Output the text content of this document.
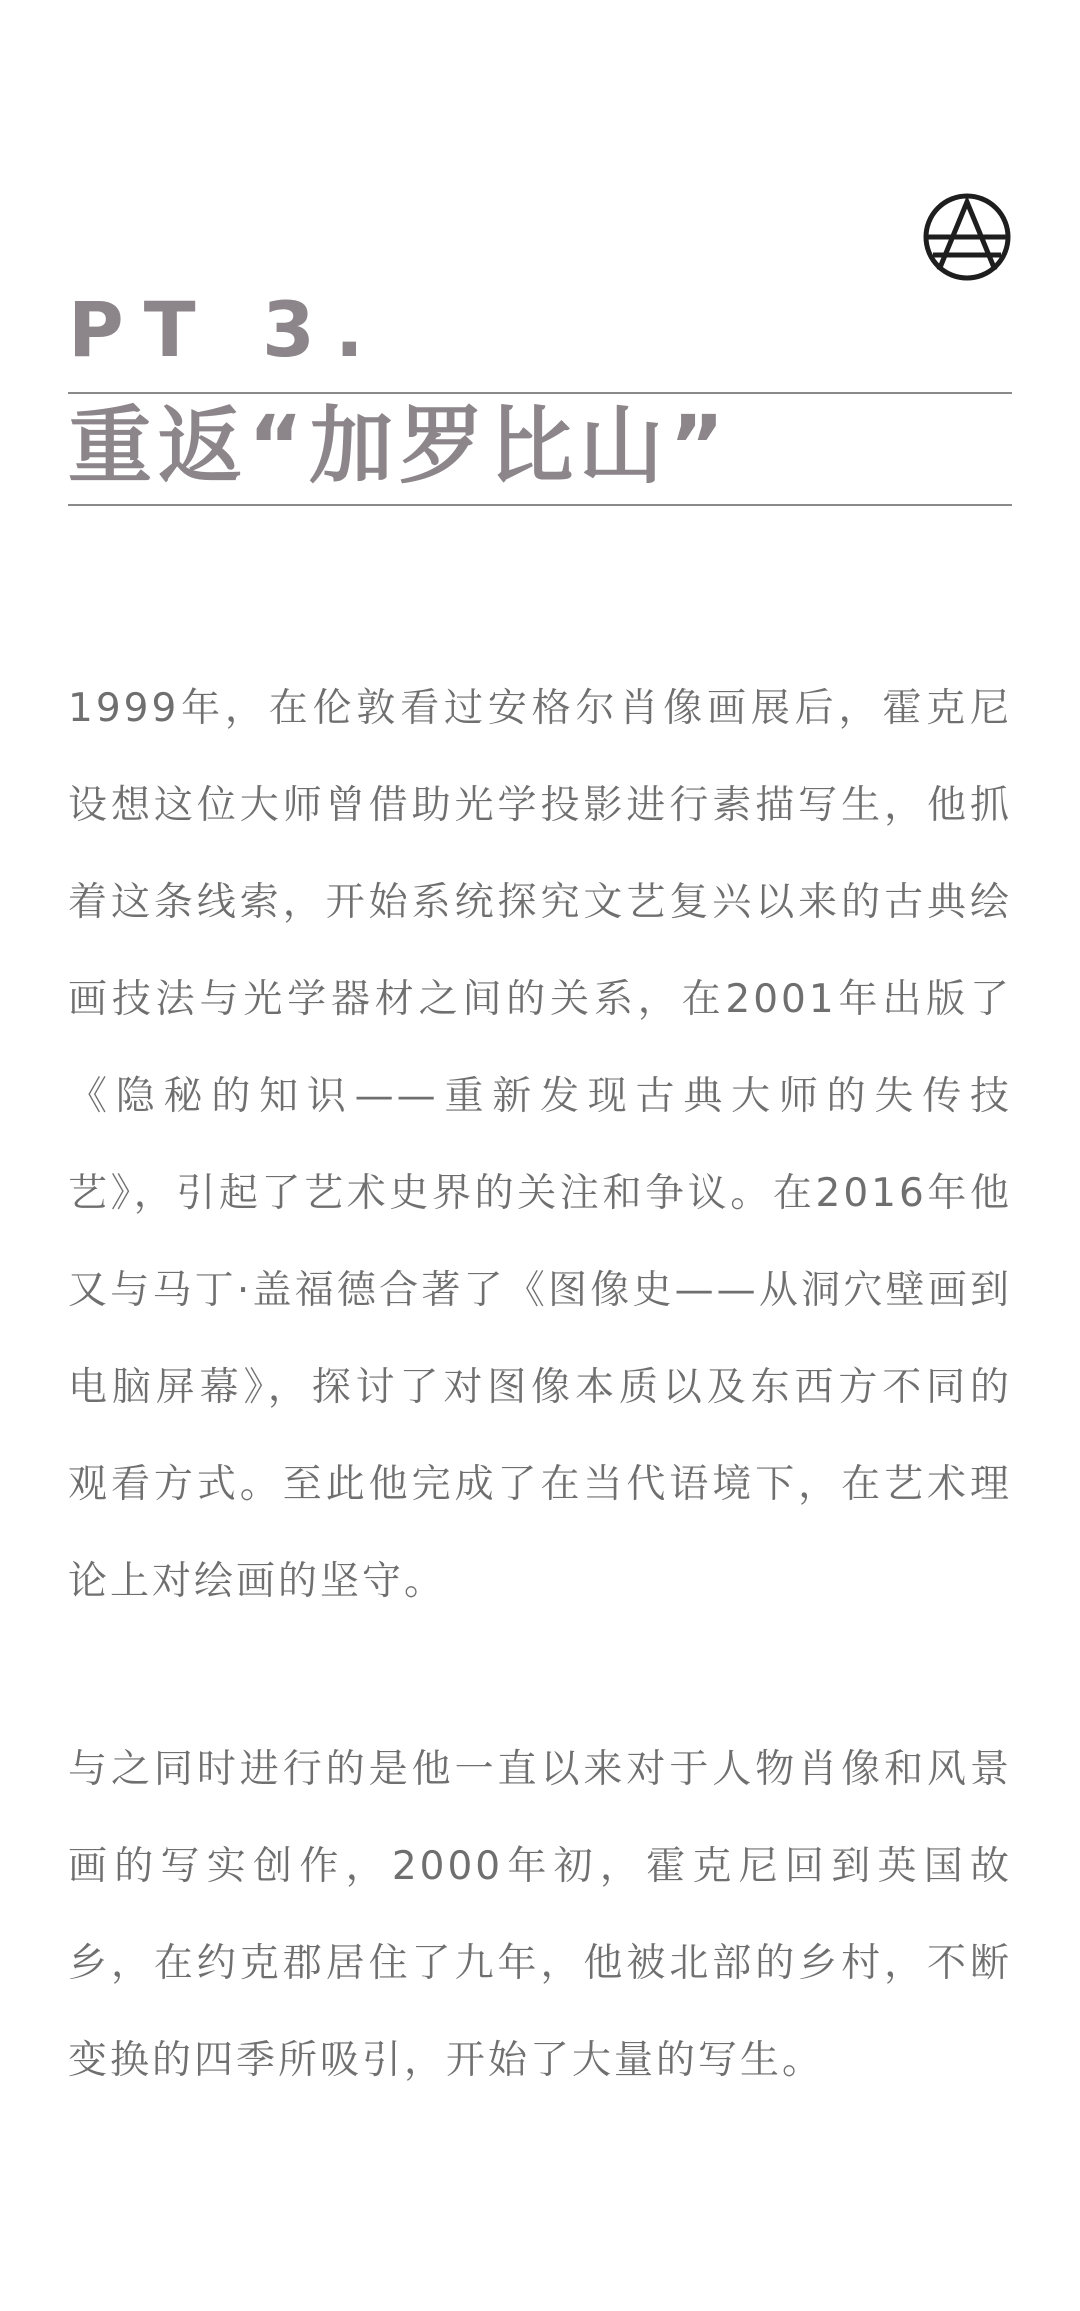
PT 3.
重返“加罗比山”

1999年，在伦敦看过安格尔肖像画展后，霍克尼设想这位大师曾借助光学投影进行素描写生，他抓着这条线索，开始系统探究文艺复兴以来的古典绘画技法与光学器材之间的关系，在2001年出版了《隐秘的知识——重新发现古典大师的失传技艺》，引起了艺术史界的关注和争议。在2016年他又与马丁·盖福德合著了《图像史——从洞穴壁画到电脑屏幕》，探讨了对图像本质以及东西方不同的观看方式。至此他完成了在当代语境下，在艺术理论上对绘画的坚守。

与之同时进行的是他一直以来对于人物肖像和风景画的写实创作，2000年初，霍克尼回到英国故乡，在约克郡居住了九年，他被北部的乡村，不断变换的四季所吸引，开始了大量的写生。
